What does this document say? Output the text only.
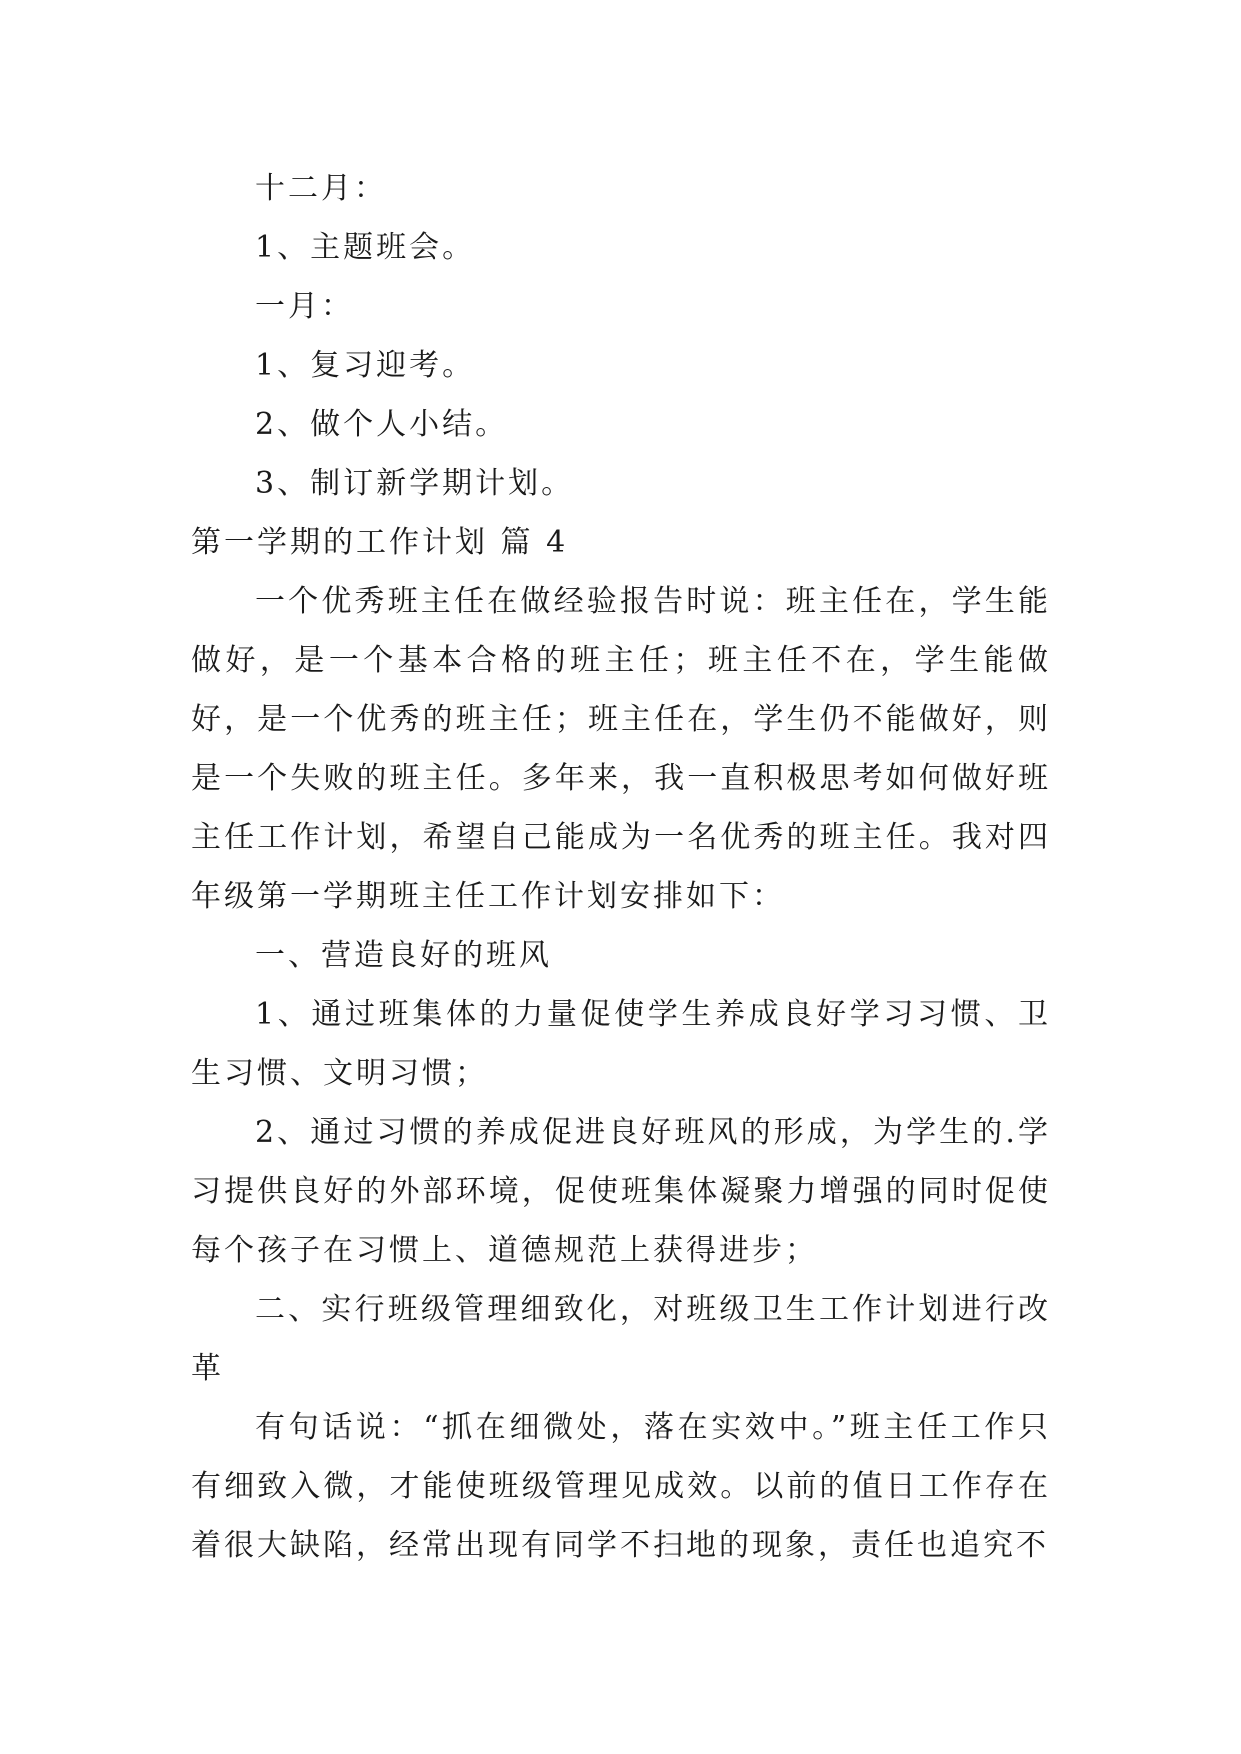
十二月：

1、主题班会。

一月：

1、复习迎考。

2、做个人小结。

3、制订新学期计划。

第一学期的工作计划 篇 4

一个优秀班主任在做经验报告时说：班主任在，学生能做好，是一个基本合格的班主任；班主任不在，学生能做好，是一个优秀的班主任；班主任在，学生仍不能做好，则是一个失败的班主任。多年来，我一直积极思考如何做好班主任工作计划，希望自己能成为一名优秀的班主任。我对四年级第一学期班主任工作计划安排如下：

一、营造良好的班风

1、通过班集体的力量促使学生养成良好学习习惯、卫生习惯、文明习惯；

2、通过习惯的养成促进良好班风的形成，为学生的.学习提供良好的外部环境，促使班集体凝聚力增强的同时促使每个孩子在习惯上、道德规范上获得进步；

二、实行班级管理细致化，对班级卫生工作计划进行改革

有句话说：“抓在细微处，落在实效中。”班主任工作只有细致入微，才能使班级管理见成效。以前的值日工作存在着很大缺陷，经常出现有同学不扫地的现象，责任也追究不
